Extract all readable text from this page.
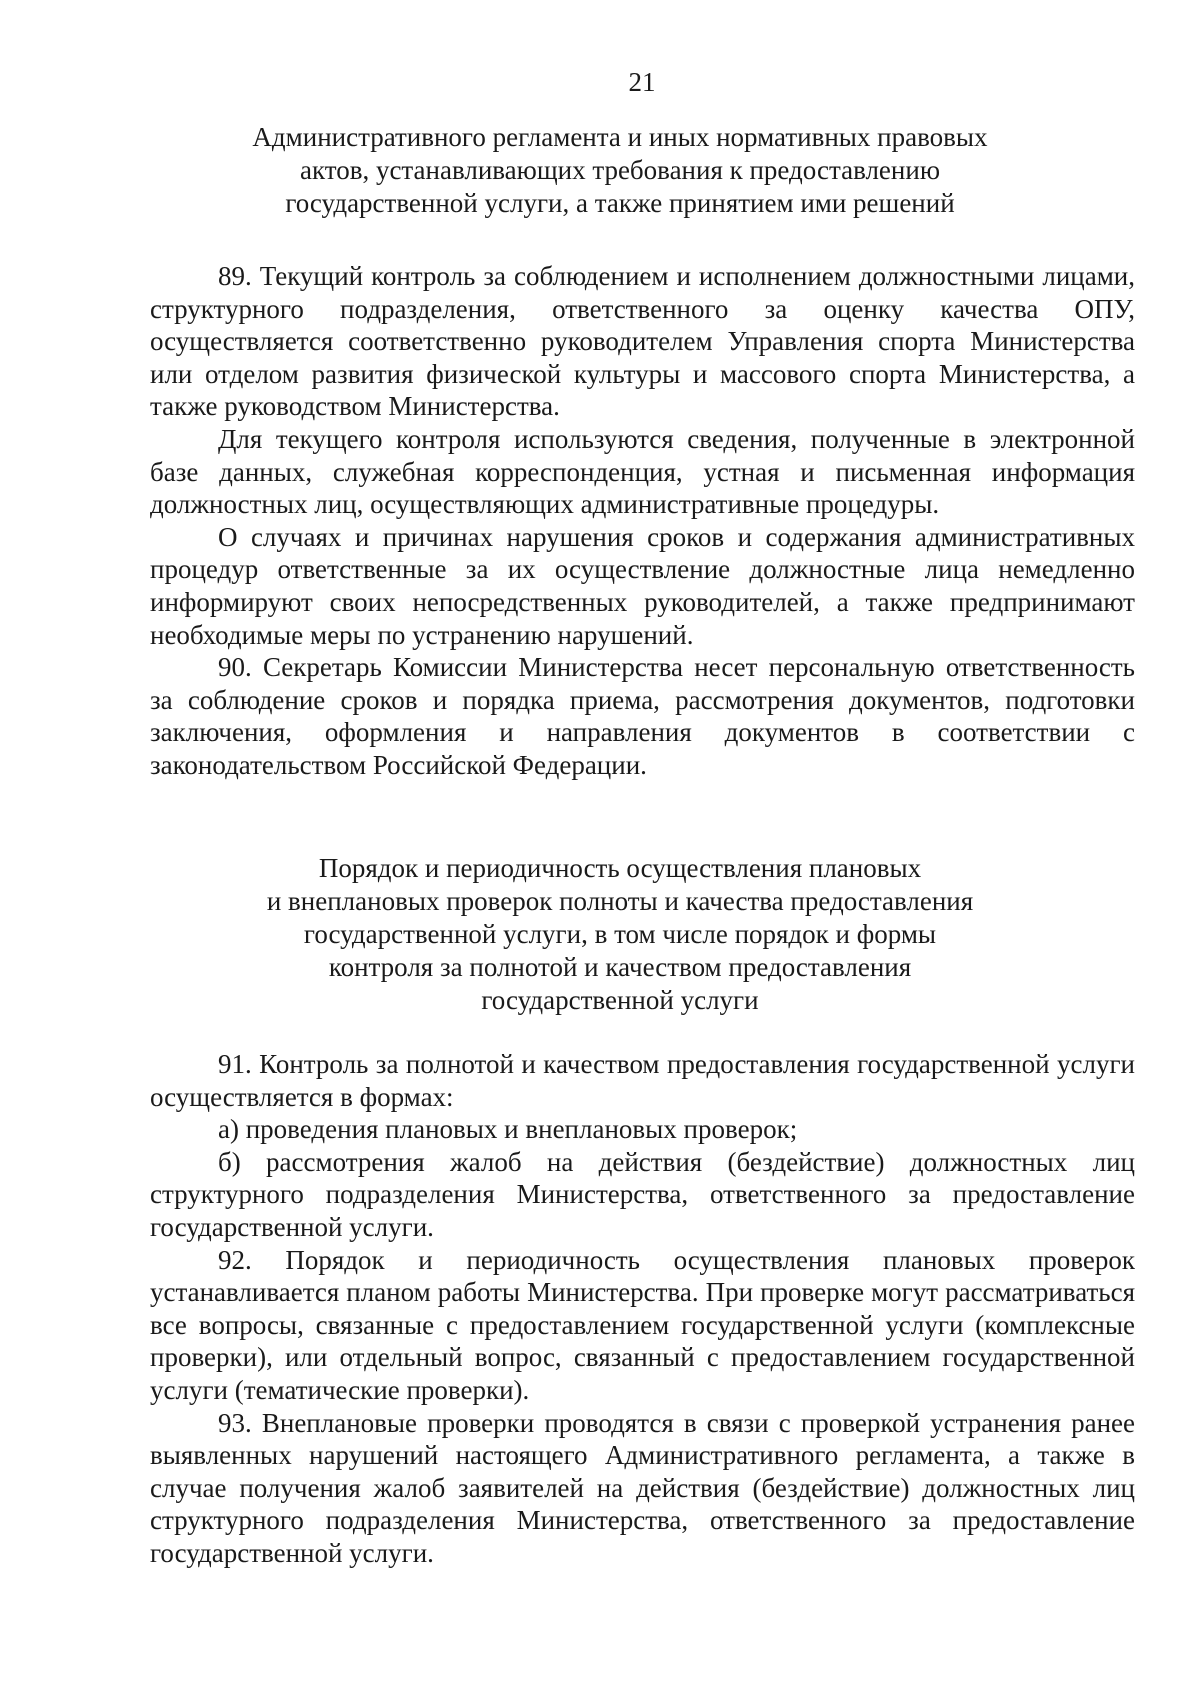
21
Административного регламента и иных нормативных правовых
актов, устанавливающих требования к предоставлению
государственной услуги, а также принятием ими решений

89. Текущий контроль за соблюдением и исполнением должностными лицами, структурного подразделения, ответственного за оценку качества ОПУ, осуществляется соответственно руководителем Управления спорта Министерства или отделом развития физической культуры и массового спорта Министерства, а также руководством Министерства.

Для текущего контроля используются сведения, полученные в электронной базе данных, служебная корреспонденция, устная и письменная информация должностных лиц, осуществляющих административные процедуры.

О случаях и причинах нарушения сроков и содержания административных процедур ответственные за их осуществление должностные лица немедленно информируют своих непосредственных руководителей, а также предпринимают необходимые меры по устранению нарушений.

90. Секретарь Комиссии Министерства несет персональную ответственность за соблюдение сроков и порядка приема, рассмотрения документов, подготовки заключения, оформления и направления документов в соответствии с законодательством Российской Федерации.

Порядок и периодичность осуществления плановых
и внеплановых проверок полноты и качества предоставления
государственной услуги, в том числе порядок и формы
контроля за полнотой и качеством предоставления
государственной услуги

91. Контроль за полнотой и качеством предоставления государственной услуги осуществляется в формах:

а) проведения плановых и внеплановых проверок;

б) рассмотрения жалоб на действия (бездействие) должностных лиц структурного подразделения Министерства, ответственного за предоставление государственной услуги.

92. Порядок и периодичность осуществления плановых проверок устанавливается планом работы Министерства. При проверке могут рассматриваться все вопросы, связанные с предоставлением государственной услуги (комплексные проверки), или отдельный вопрос, связанный с предоставлением государственной услуги (тематические проверки).

93. Внеплановые проверки проводятся в связи с проверкой устранения ранее выявленных нарушений настоящего Административного регламента, а также в случае получения жалоб заявителей на действия (бездействие) должностных лиц структурного подразделения Министерства, ответственного за предоставление государственной услуги.
